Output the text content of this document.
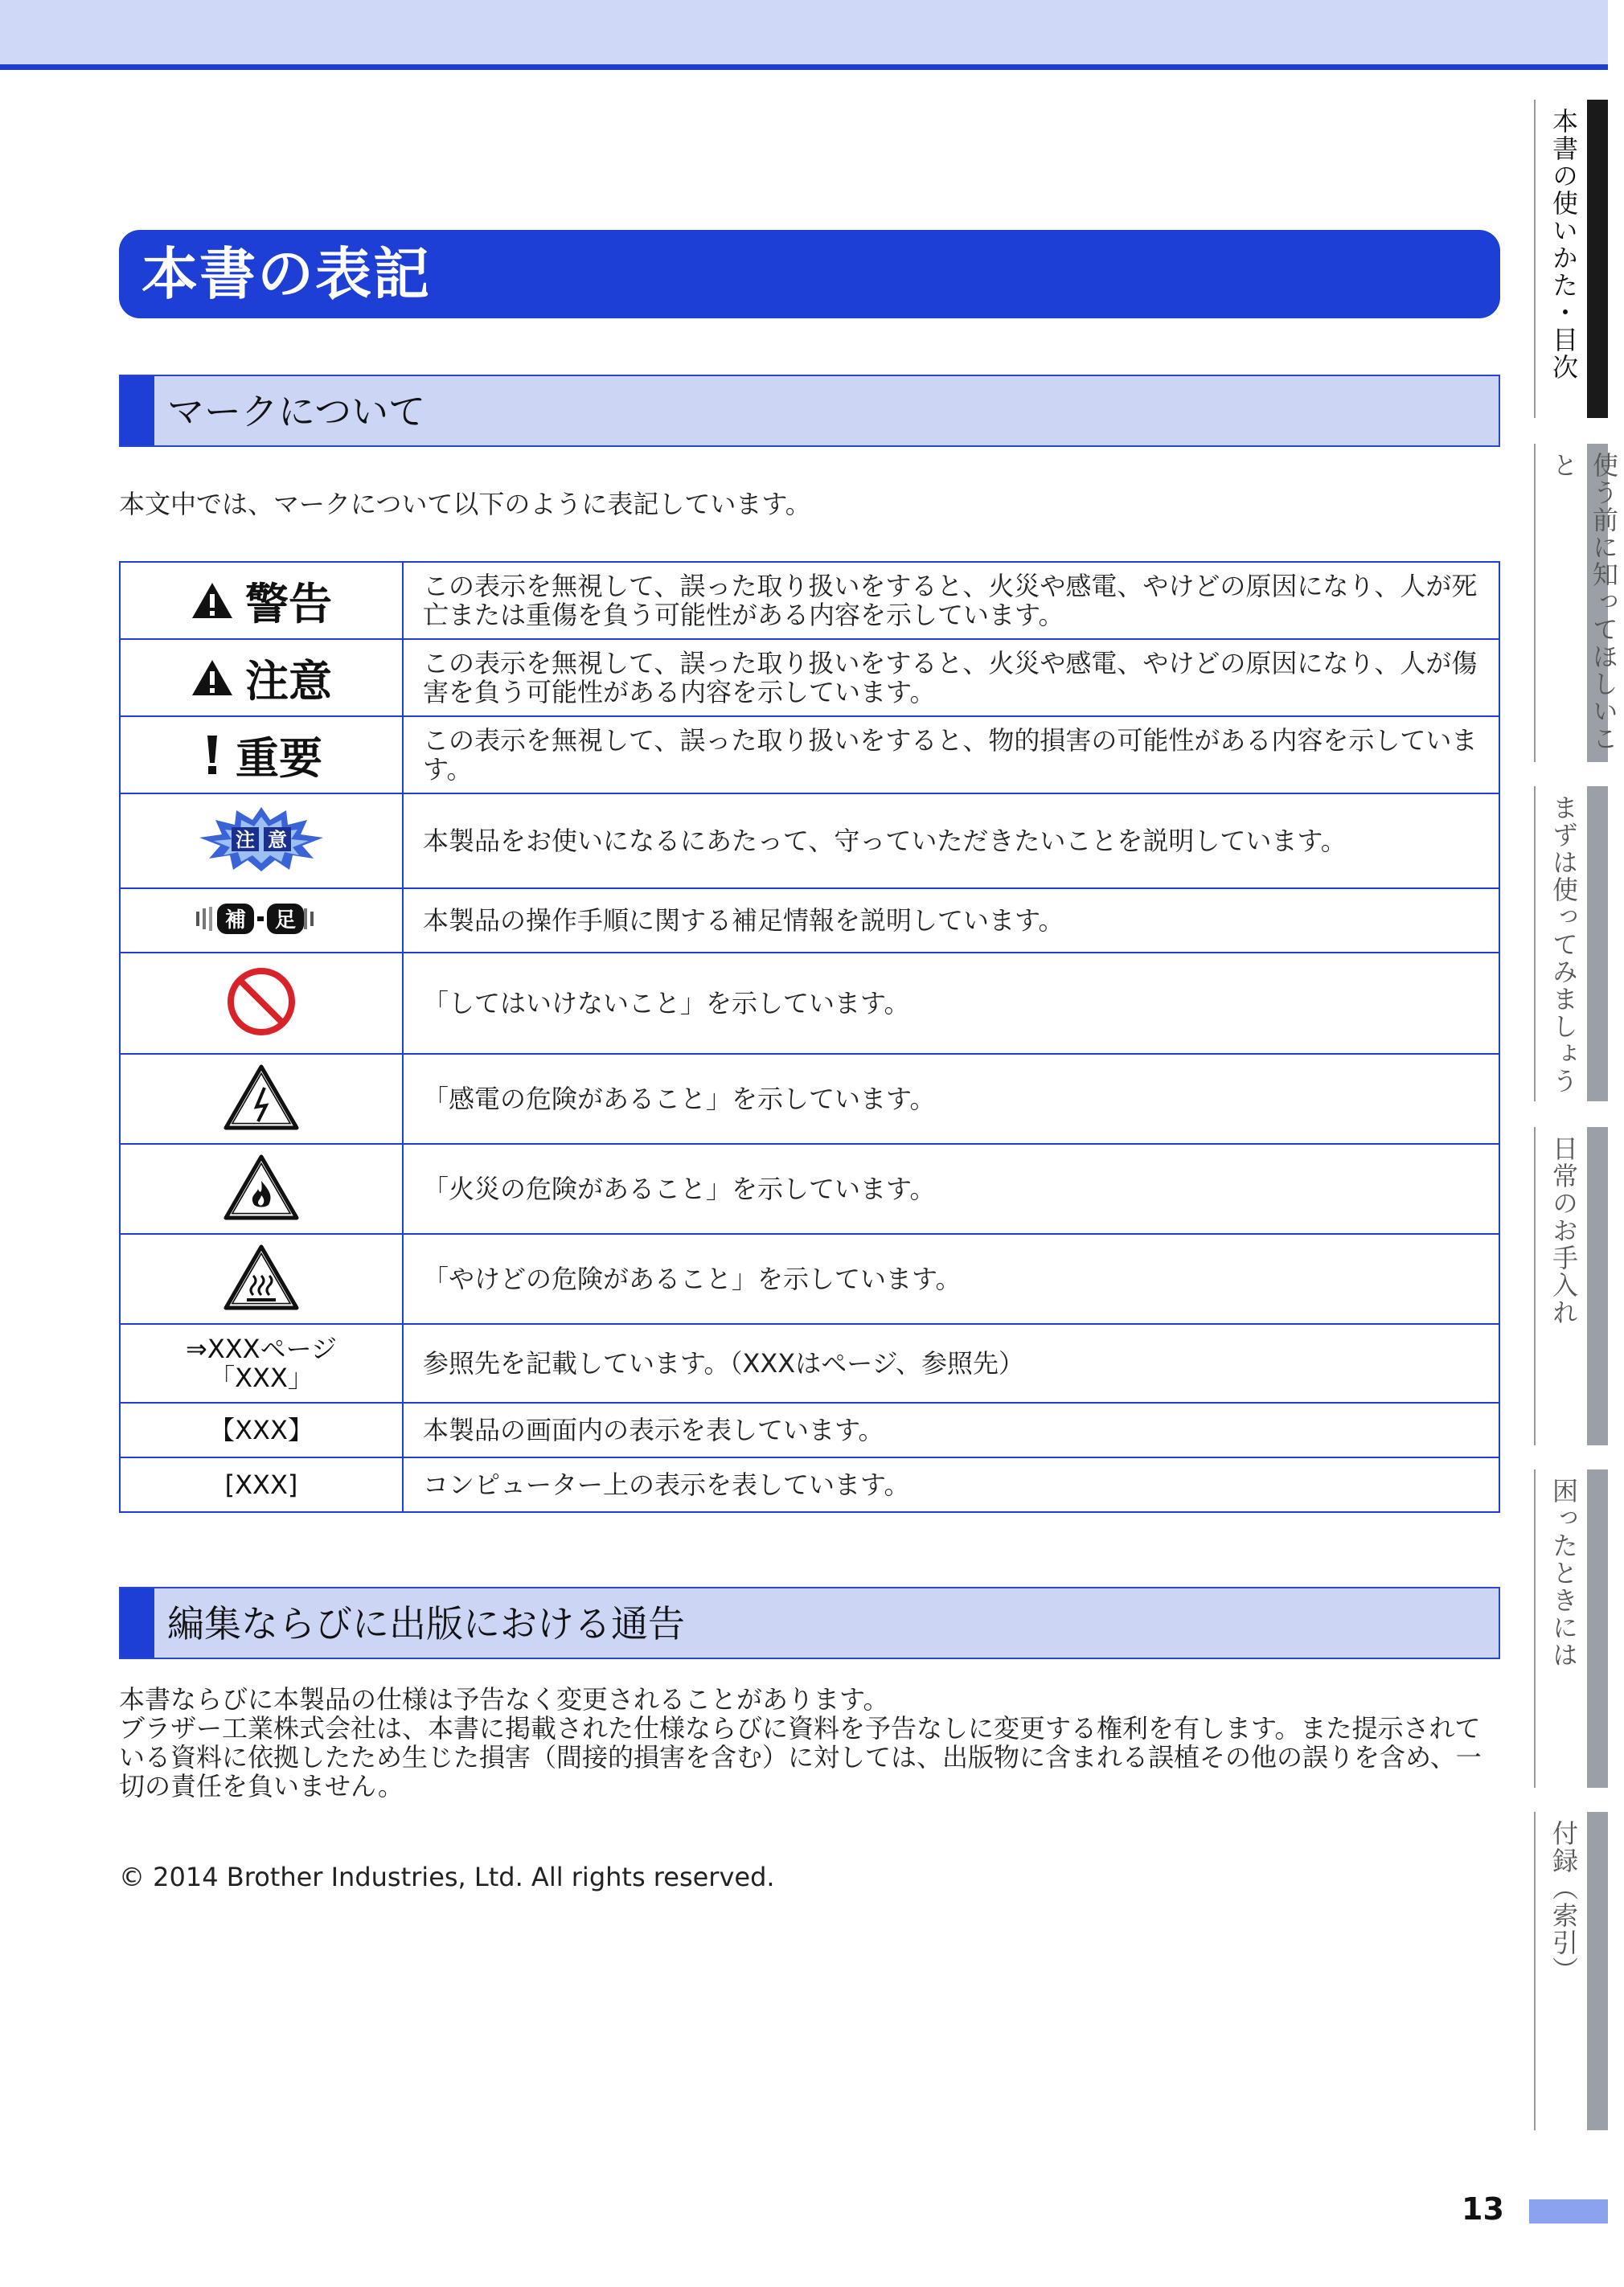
本書の表記
マークについて
本文中では、マークについて以下のように表記しています。
警告	この表示を無視して、誤った取り扱いをすると、火災や感電、やけどの原因になり、人が死亡または重傷を負う可能性がある内容を示しています。

注意	この表示を無視して、誤った取り扱いをすると、火災や感電、やけどの原因になり、人が傷害を負う可能性がある内容を示しています。

重要	この表示を無視して、誤った取り扱いをすると、物的損害の可能性がある内容を示しています。

注 意	本製品をお使いになるにあたって、守っていただきたいことを説明しています。

補 足	本製品の操作手順に関する補足情報を説明しています。
	「してはいけないこと」を示しています。
	「感電の危険があること」を示しています。
	「火災の危険があること」を示しています。
	「やけどの危険があること」を示しています。

⇒XXXページ
「XXX」	参照先を記載しています。（XXXはページ、参照先）

【XXX】	本製品の画面内の表示を表しています。

[XXX]	コンピューター上の表示を表しています。
編集ならびに出版における通告

本書ならびに本製品の仕様は予告なく変更されることがあります。

ブラザー工業株式会社は、本書に掲載された仕様ならびに資料を予告なしに変更する権利を有します。また提示されている資料に依拠したため生じた損害（間接的損害を含む）に対しては、出版物に含まれる誤植その他の誤りを含め、一切の責任を負いません。

© 2014 Brother Industries, Ltd. All rights reserved.
本書の使いかた・目次
使う前に知ってほしいこと
まずは使ってみましょう
日常のお手入れ
困ったときには
付録（索引）
13
